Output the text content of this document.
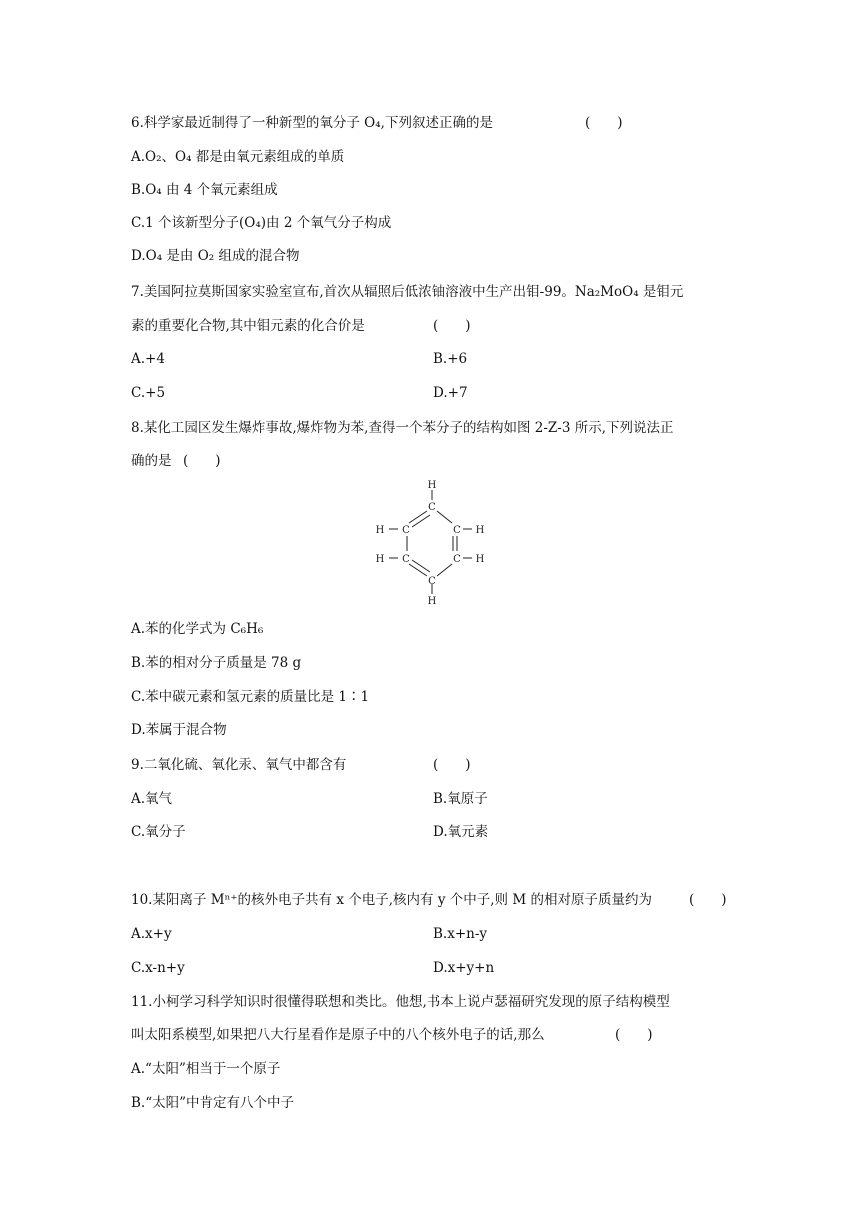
6.科学家最近制得了一种新型的氧分子 O₄,下列叙述正确的是	(　　)
A.O₂、O₄ 都是由氧元素组成的单质
B.O₄ 由 4 个氧元素组成
C.1 个该新型分子(O₄)由 2 个氧气分子构成
D.O₄ 是由 O₂ 组成的混合物
7.美国阿拉莫斯国家实验室宣布,首次从辐照后低浓铀溶液中生产出钼-99。Na₂MoO₄ 是钼元
素的重要化合物,其中钼元素的化合价是	(　　)
A.+4	B.+6
C.+5	D.+7
8.某化工园区发生爆炸事故,爆炸物为苯,查得一个苯分子的结构如图 2-Z-3 所示,下列说法正
确的是 (　　)
H
C
H C	C H
H C	C H
C
H
A.苯的化学式为 C₆H₆
B.苯的相对分子质量是 78 g
C.苯中碳元素和氢元素的质量比是 1∶1
D.苯属于混合物
9.二氧化硫、氧化汞、氧气中都含有	(　　)
A.氧气	B.氧原子
C.氧分子	D.氧元素
10.某阳离子 Mⁿ⁺的核外电子共有 x 个电子,核内有 y 个中子,则 M 的相对原子质量约为	(　　)
A.x+y	B.x+n-y
C.x-n+y	D.x+y+n
11.小柯学习科学知识时很懂得联想和类比。他想,书本上说卢瑟福研究发现的原子结构模型
叫太阳系模型,如果把八大行星看作是原子中的八个核外电子的话,那么	(　　)
A.“太阳”相当于一个原子
B.“太阳”中肯定有八个中子
